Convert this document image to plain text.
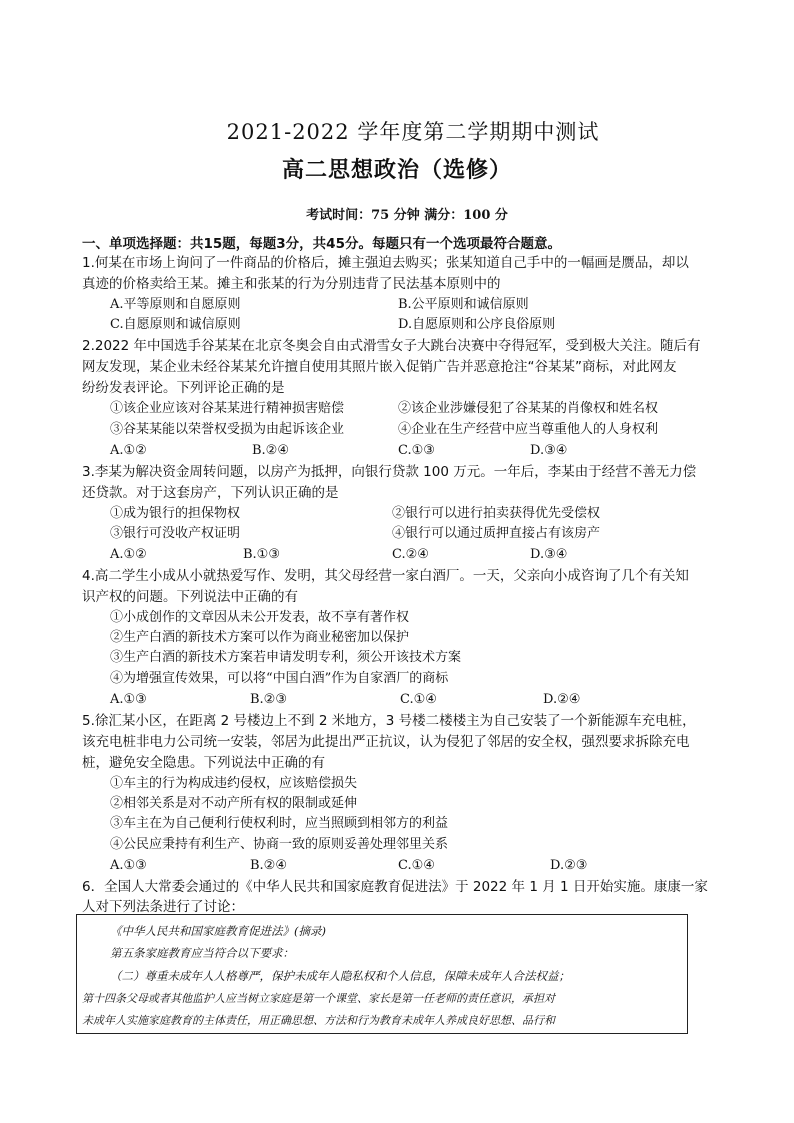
2021-2022 学年度第二学期期中测试
高二思想政治（选修）
考试时间：75 分钟 满分：100 分
一、单项选择题：共15题，每题3分，共45分。每题只有一个选项最符合题意。
1.何某在市场上询问了一件商品的价格后，摊主强迫去购买；张某知道自己手中的一幅画是赝品，却以
真迹的价格卖给王某。摊主和张某的行为分别违背了民法基本原则中的
A.平等原则和自愿原则	B.公平原则和诚信原则
C.自愿原则和诚信原则	D.自愿原则和公序良俗原则
2.2022 年中国选手谷某某在北京冬奥会自由式滑雪女子大跳台决赛中夺得冠军，受到极大关注。随后有
网友发现，某企业未经谷某某允许擅自使用其照片嵌入促销广告并恶意抢注“谷某某”商标，对此网友
纷纷发表评论。下列评论正确的是
①该企业应该对谷某某进行精神损害赔偿	②该企业涉嫌侵犯了谷某某的肖像权和姓名权
③谷某某能以荣誉权受损为由起诉该企业	④企业在生产经营中应当尊重他人的人身权利
A.①②	B.②④	C.①③	D.③④
3.李某为解决资金周转问题，以房产为抵押，向银行贷款 100 万元。一年后，李某由于经营不善无力偿
还贷款。对于这套房产，下列认识正确的是
①成为银行的担保物权	②银行可以进行拍卖获得优先受偿权
③银行可没收产权证明	④银行可以通过质押直接占有该房产
A.①②	B.①③	C.②④	D.③④
4.高二学生小成从小就热爱写作、发明，其父母经营一家白酒厂。一天，父亲向小成咨询了几个有关知
识产权的问题。下列说法中正确的有
①小成创作的文章因从未公开发表，故不享有著作权
②生产白酒的新技术方案可以作为商业秘密加以保护
③生产白酒的新技术方案若申请发明专利，须公开该技术方案
④为增强宣传效果，可以将“中国白酒”作为自家酒厂的商标
A.①③	B.②③	C.①④	D.②④
5.徐汇某小区，在距离 2 号楼边上不到 2 米地方，3 号楼二楼楼主为自己安装了一个新能源车充电桩，
该充电桩非电力公司统一安装，邻居为此提出严正抗议，认为侵犯了邻居的安全权，强烈要求拆除充电
桩，避免安全隐患。下列说法中正确的有
①车主的行为构成违约侵权，应该赔偿损失
②相邻关系是对不动产所有权的限制或延伸
③车主在为自己便利行使权利时，应当照顾到相邻方的利益
④公民应秉持有利生产、协商一致的原则妥善处理邻里关系
A.①③	B.②④	C.①④	D.②③
6．全国人大常委会通过的《中华人民共和国家庭教育促进法》于 2022 年 1 月 1 日开始实施。康康一家
人对下列法条进行了讨论：
《中华人民共和国家庭教育促进法》(摘录)
第五条家庭教育应当符合以下要求：
（二）尊重未成年人人格尊严，保护未成年人隐私权和个人信息，保障未成年人合法权益；
第十四条父母或者其他监护人应当树立家庭是第一个课堂、家长是第一任老师的责任意识，承担对
未成年人实施家庭教育的主体责任，用正确思想、方法和行为教育未成年人养成良好思想、品行和
